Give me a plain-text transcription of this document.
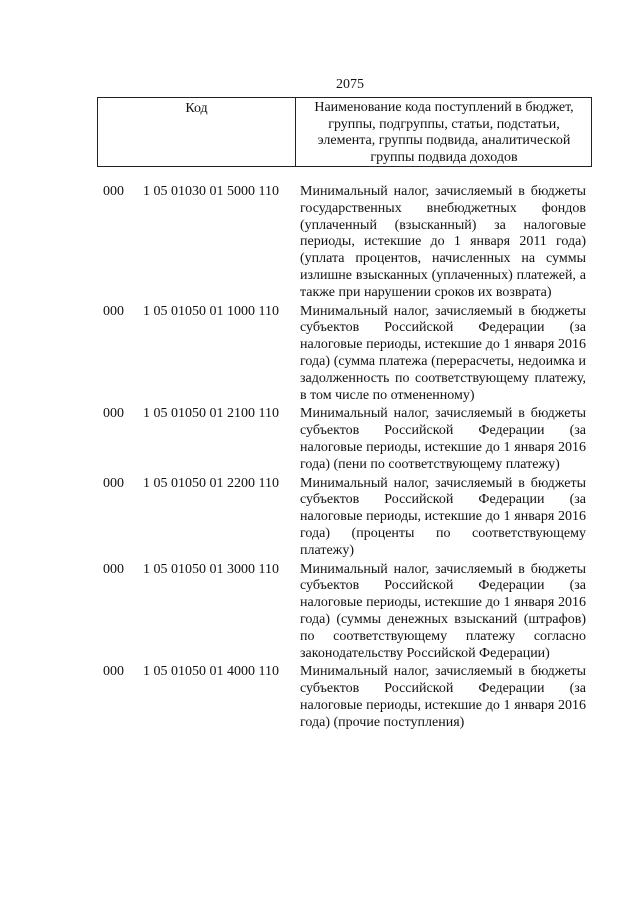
2075
Код	Наименование кода поступлений в бюджет, группы, подгруппы, статьи, подстатьи, элемента, группы подвида, аналитической группы подвида доходов
000	1 05 01030 01 5000 110	Минимальный налог, зачисляемый в бюджеты государственных внебюджетных фондов (уплаченный (взысканный) за налоговые периоды, истекшие до 1 января 2011 года) (уплата процентов, начисленных на суммы излишне взысканных (уплаченных) платежей, а также при нарушении сроков их возврата)
000	1 05 01050 01 1000 110	Минимальный налог, зачисляемый в бюджеты субъектов Российской Федерации (за налоговые периоды, истекшие до 1 января 2016 года) (сумма платежа (перерасчеты, недоимка и задолженность по соответствующему платежу, в том числе по отмененному)
000	1 05 01050 01 2100 110	Минимальный налог, зачисляемый в бюджеты субъектов Российской Федерации (за налоговые периоды, истекшие до 1 января 2016 года) (пени по соответствующему платежу)
000	1 05 01050 01 2200 110	Минимальный налог, зачисляемый в бюджеты субъектов Российской Федерации (за налоговые периоды, истекшие до 1 января 2016 года) (проценты по соответствующему платежу)
000	1 05 01050 01 3000 110	Минимальный налог, зачисляемый в бюджеты субъектов Российской Федерации (за налоговые периоды, истекшие до 1 января 2016 года) (суммы денежных взысканий (штрафов) по соответствующему платежу согласно законодательству Российской Федерации)
000	1 05 01050 01 4000 110	Минимальный налог, зачисляемый в бюджеты субъектов Российской Федерации (за налоговые периоды, истекшие до 1 января 2016 года) (прочие поступления)
